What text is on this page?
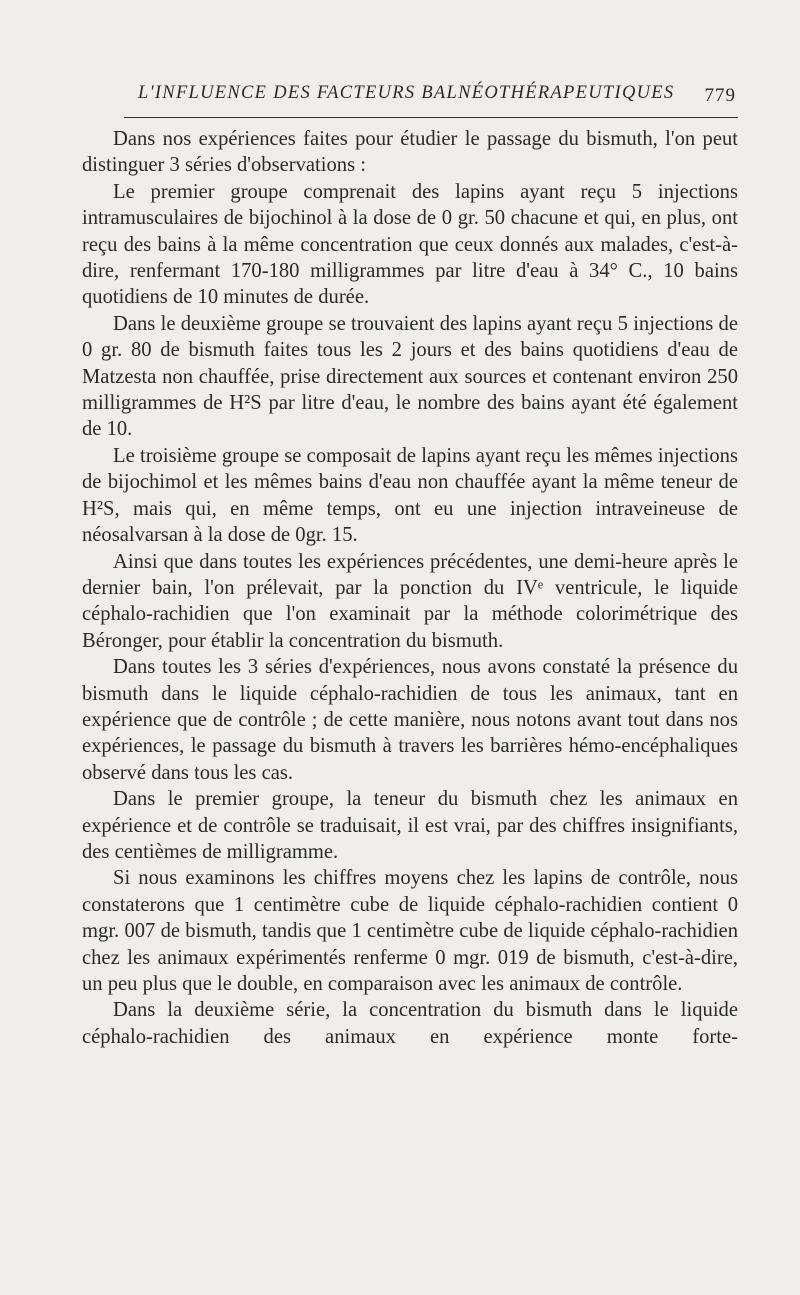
L'INFLUENCE DES FACTEURS BALNÉOTHÉRAPEUTIQUES 779

Dans nos expériences faites pour étudier le passage du bismuth, l'on peut distinguer 3 séries d'observations :

Le premier groupe comprenait des lapins ayant reçu 5 injections intramusculaires de bijochinol à la dose de 0 gr. 50 chacune et qui, en plus, ont reçu des bains à la même concentration que ceux donnés aux malades, c'est-à-dire, renfermant 170-180 milligrammes par litre d'eau à 34° C., 10 bains quotidiens de 10 minutes de durée.

Dans le deuxième groupe se trouvaient des lapins ayant reçu 5 injections de 0 gr. 80 de bismuth faites tous les 2 jours et des bains quotidiens d'eau de Matzesta non chauffée, prise directement aux sources et contenant environ 250 milligrammes de H²S par litre d'eau, le nombre des bains ayant été également de 10.

Le troisième groupe se composait de lapins ayant reçu les mêmes injections de bijochimol et les mêmes bains d'eau non chauffée ayant la même teneur de H²S, mais qui, en même temps, ont eu une injection intraveineuse de néosalvarsan à la dose de 0gr. 15.

Ainsi que dans toutes les expériences précédentes, une demi-heure après le dernier bain, l'on prélevait, par la ponction du IVᵉ ventricule, le liquide céphalo-rachidien que l'on examinait par la méthode colorimétrique des Béronger, pour établir la concentration du bismuth.

Dans toutes les 3 séries d'expériences, nous avons constaté la présence du bismuth dans le liquide céphalo-rachidien de tous les animaux, tant en expérience que de contrôle ; de cette manière, nous notons avant tout dans nos expériences, le passage du bismuth à travers les barrières hémo-encéphaliques observé dans tous les cas.

Dans le premier groupe, la teneur du bismuth chez les animaux en expérience et de contrôle se traduisait, il est vrai, par des chiffres insignifiants, des centièmes de milligramme.

Si nous examinons les chiffres moyens chez les lapins de contrôle, nous constaterons que 1 centimètre cube de liquide céphalo-rachidien contient 0 mgr. 007 de bismuth, tandis que 1 centimètre cube de liquide céphalo-rachidien chez les animaux expérimentés renferme 0 mgr. 019 de bismuth, c'est-à-dire, un peu plus que le double, en comparaison avec les animaux de contrôle.

Dans la deuxième série, la concentration du bismuth dans le liquide céphalo-rachidien des animaux en expérience monte forte-
